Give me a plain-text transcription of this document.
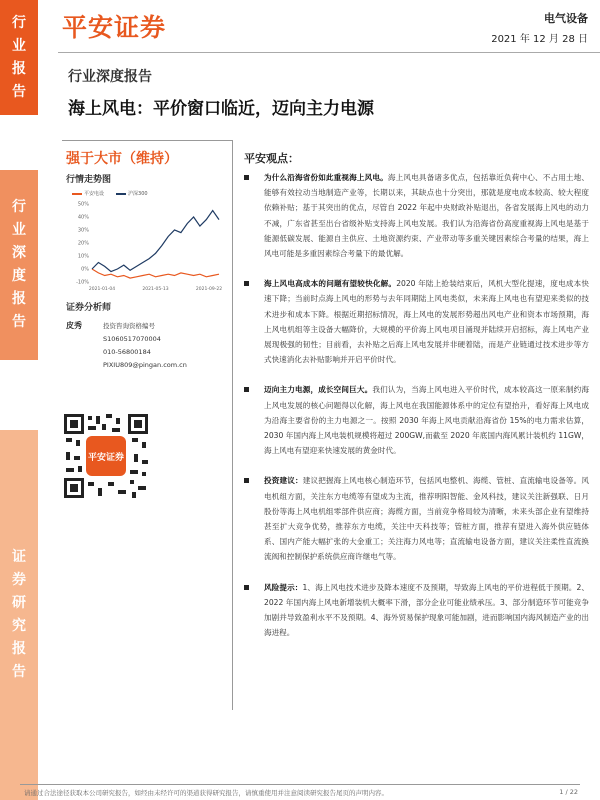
行
业
报
告
行
业
深
度
报
告
证
券
研
究
报
告
平安证券	电气设备
2021 年 12 月 28 日
行业深度报告
海上风电：平价窗口临近，迈向主力电源
强于大市（维持）
行情走势图
50%
40%
30%
20%
10%
0%
-10%
2021-01-04	2021-05-13	2021-09-22
平安电设	沪深300
证券分析师
皮秀	投资咨询资格编号
S1060517070004
010-56800184
PIXIU809@pingan.com.cn
平安证券
平安观点：
为什么沿海省份如此重视海上风电。海上风电具备诸多优点，包括靠近负荷中心、不占用土地、能够有效拉动当地制造产业等，长期以来，其缺点也十分突出，那就是度电成本较高、较大程度依赖补贴；基于其突出的优点，尽管自 2022 年起中央财政补贴退出，各省发展海上风电的动力不减，广东省甚至出台省级补贴支持海上风电发展。我们认为沿海省份高度重视海上风电是基于能源低碳发展、能源自主供应、土地资源约束、产业带动等多重关键因素综合考量的结果，海上风电可能是多重因素综合考量下的最优解。
海上风电高成本的问题有望较快化解。2020 年陆上抢装结束后，风机大型化提速，度电成本快速下降；当前时点海上风电的形势与去年同期陆上风电类似，未来海上风电也有望迎来类似的技术进步和成本下降。根据近期招标情况，海上风电的发展形势超出风电产业和资本市场预期，海上风电机组等主设备大幅降价，大规模的平价海上风电项目涌现并陆续开启招标，海上风电产业展现极强的韧性；目前看，去补贴之后海上风电发展并非硬着陆，而是产业链通过技术进步等方式快速消化去补贴影响并开启平价时代。
迈向主力电源，成长空间巨大。我们认为，当海上风电进入平价时代，成本较高这一原来制约海上风电发展的核心问题得以化解，海上风电在我国能源体系中的定位有望抬升，看好海上风电成为沿海主要省份的主力电源之一。按照 2030 年海上风电贡献沿海省份 15%的电力需求估算，2030 年国内海上风电装机规模将超过 200GW,而截至 2020 年底国内海风累计装机约 11GW，海上风电有望迎来快速发展的黄金时代。
投资建议：建议把握海上风电核心制造环节，包括风电整机、海缆、管桩、直流输电设备等。风电机组方面，关注东方电缆等有望成为主流，推荐明阳智能、金风科技，建议关注新强联、日月股份等海上风电机组零部件供应商；海缆方面，当前竞争格局较为清晰，未来头部企业有望维持甚至扩大竞争优势，推荐东方电缆，关注中天科技等；管桩方面，推荐有望进入海外供应链体系、国内产能大幅扩张的大金重工；关注海力风电等；直流输电设备方面，建议关注柔性直流换流阀和控制保护系统供应商许继电气等。
风险提示：1、海上风电技术进步及降本速度不及预期，导致海上风电的平价进程低于预期。2、2022 年国内海上风电新增装机大概率下滑，部分企业可能业绩承压。3、部分制造环节可能竞争加剧并导致盈利水平不及预期。4、海外贸易保护现象可能加剧，进而影响国内海风制造产业的出海进程。
请通过合法途径获取本公司研究报告，如经由未经许可的渠道获得研究报告，请慎重使用并注意阅读研究报告尾页的声明内容。	1 / 22
